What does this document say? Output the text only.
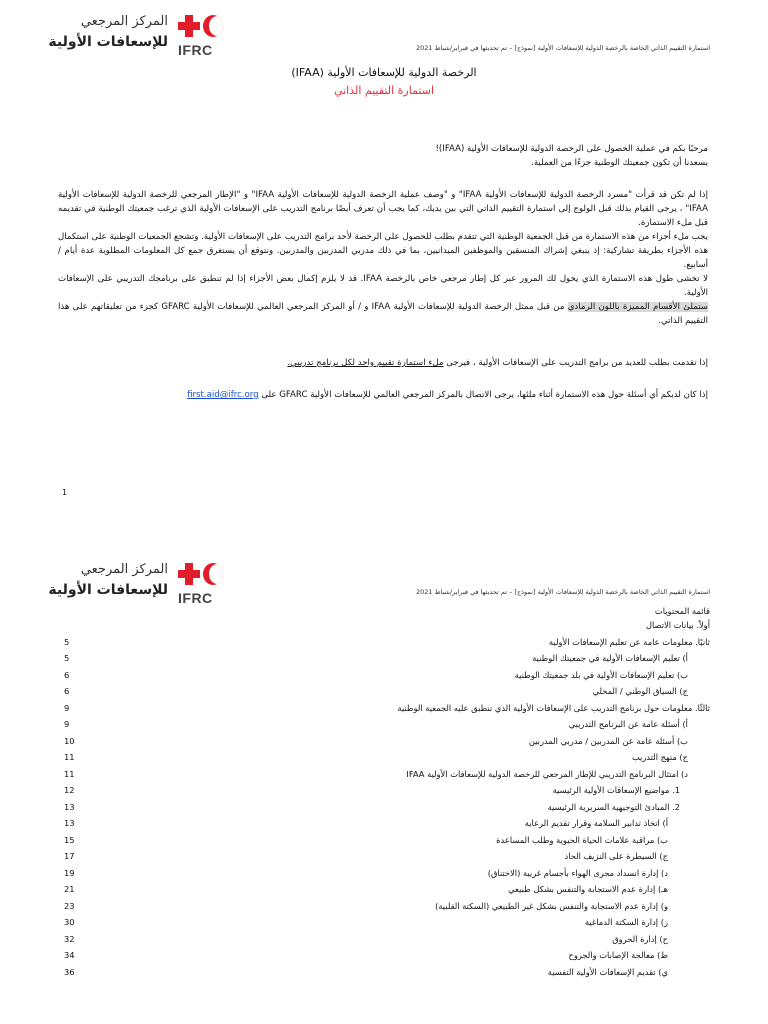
IFRC
المركز المرجعي
للإسعافات الأولية	استمارة التقييم الذاتي الخاصة بالرخصة الدولية للإسعافات الأولية [نموذج] – تم تحديثها في فبراير/شباط 2021
الرخصة الدولية للإسعافات الأولية (IFAA)
استمارة التقييم الذاتي

مرحبًا بكم في عملية الحصول على الرخصة الدولية للإسعافات الأولية (IFAA)!

يسعدنا أن تكون جمعيتك الوطنية جزءًا من العملية.

إذا لم تكن قد قرأت "مسرد الرخصة الدولية للإسعافات الأولية IFAA" و "وصف عملية الرخصة الدولية للإسعافات الأولية IFAA" و "الإطار المرجعي للرخصة الدولية للإسعافات الأولية IFAA" ، يرجى القيام بذلك قبل الولوج إلى استمارة التقييم الذاتي التي بين يديك، كما يجب أن تعرف أيضًا برنامج التدريب على الإسعافات الأولية الذي ترغب جمعيتك الوطنية في تقديمه قبل ملء الاستمارة.

يجب ملء أجزاء من هذه الاستمارة من قبل الجمعية الوطنية التي تتقدم بطلب للحصول على الرخصة لأحد برامج التدريب على الإسعافات الأولية. وتشجع الجمعيات الوطنية على استكمال هذه الأجزاء بطريقة تشاركية: إذ ينبغي إشراك المنسقين والموظفين الميدانيين، بما في ذلك مدربي المدربين والمدربين. ونتوقع أن يستغرق جمع كل المعلومات المطلوبة عدة أيام / أسابيع.

لا تخشى طول هذه الاستمارة الذي يخول لك المرور عبر كل إطار مرجعي خاص بالرخصة IFAA. قد لا يلزم إكمال بعض الأجزاء إذا لم تنطبق على برنامجك التدريبي على الإسعافات الأولية.

ستملئ الأقسام المميزة باللون الرمادي من قبل ممثل الرخصة الدولية للإسعافات الأولية IFAA و / أو المركز المرجعي العالمي للإسعافات الأولية GFARC كجزء من تعليقاتهم على هذا التقييم الذاتي.

إذا تقدمت بطلب للعديد من برامج التدريب على الإسعافات الأولية ، فيرجى ملء استمارة تقييم واحد لكل برنامج تدريبي.
إذا كان لديكم أي أسئلة حول هذه الاستمارة أثناء ملئها، يرجى الاتصال بالمركز المرجعي العالمي للإسعافات الأولية GFARC على first.aid@ifrc.org
1
IFRC
المركز المرجعي
للإسعافات الأولية	استمارة التقييم الذاتي الخاصة بالرخصة الدولية للإسعافات الأولية [نموذج] – تم تحديثها في فبراير/شباط 2021
قائمة المحتويات
أولاً. بيانات الاتصال
ثانيًا. معلومات عامة عن تعليم الإسعافات الأولية
5
أ) تعليم الإسعافات الأولية في جمعيتك الوطنية
5
ب) تعليم الإسعافات الأولية في بلد جمعيتك الوطنية
6
ج) السياق الوطني / المحلي
6
ثالثًا. معلومات حول برنامج التدريب على الإسعافات الأولية الذي تنطبق عليه الجمعية الوطنية
9
أ) أسئلة عامة عن البرنامج التدريبي
9
ب) أسئلة عامة عن المدربين / مدربي المدربين
10
ج) منهج التدريب
11
د) امتثال البرنامج التدريبي للإطار المرجعي للرخصة الدولية للإسعافات الأولية IFAA
11
1. مواضيع الإسعافات الأولية الرئيسية
12
2. المبادئ التوجيهية السريرية الرئيسية
13
أ) اتخاذ تدابير السلامة وقرار تقديم الرعاية
13
ب) مراقبة علامات الحياة الحيوية وطلب المساعدة
15
ج) السيطرة على النزيف الحاد
17
د) إدارة انسداد مجرى الهواء بأجسام غريبة (الاختناق)
19
هـ) إدارة عدم الاستجابة والتنفس بشكل طبيعي
21
و) إدارة عدم الاستجابة والتنفس بشكل غير الطبيعي (السكتة القلبية)
23
ز) إدارة السكتة الدماغية
30
ح) إدارة الحروق
32
ط) معالجة الإصابات والجروح
34
ي) تقديم الإسعافات الأولية النفسية
36
